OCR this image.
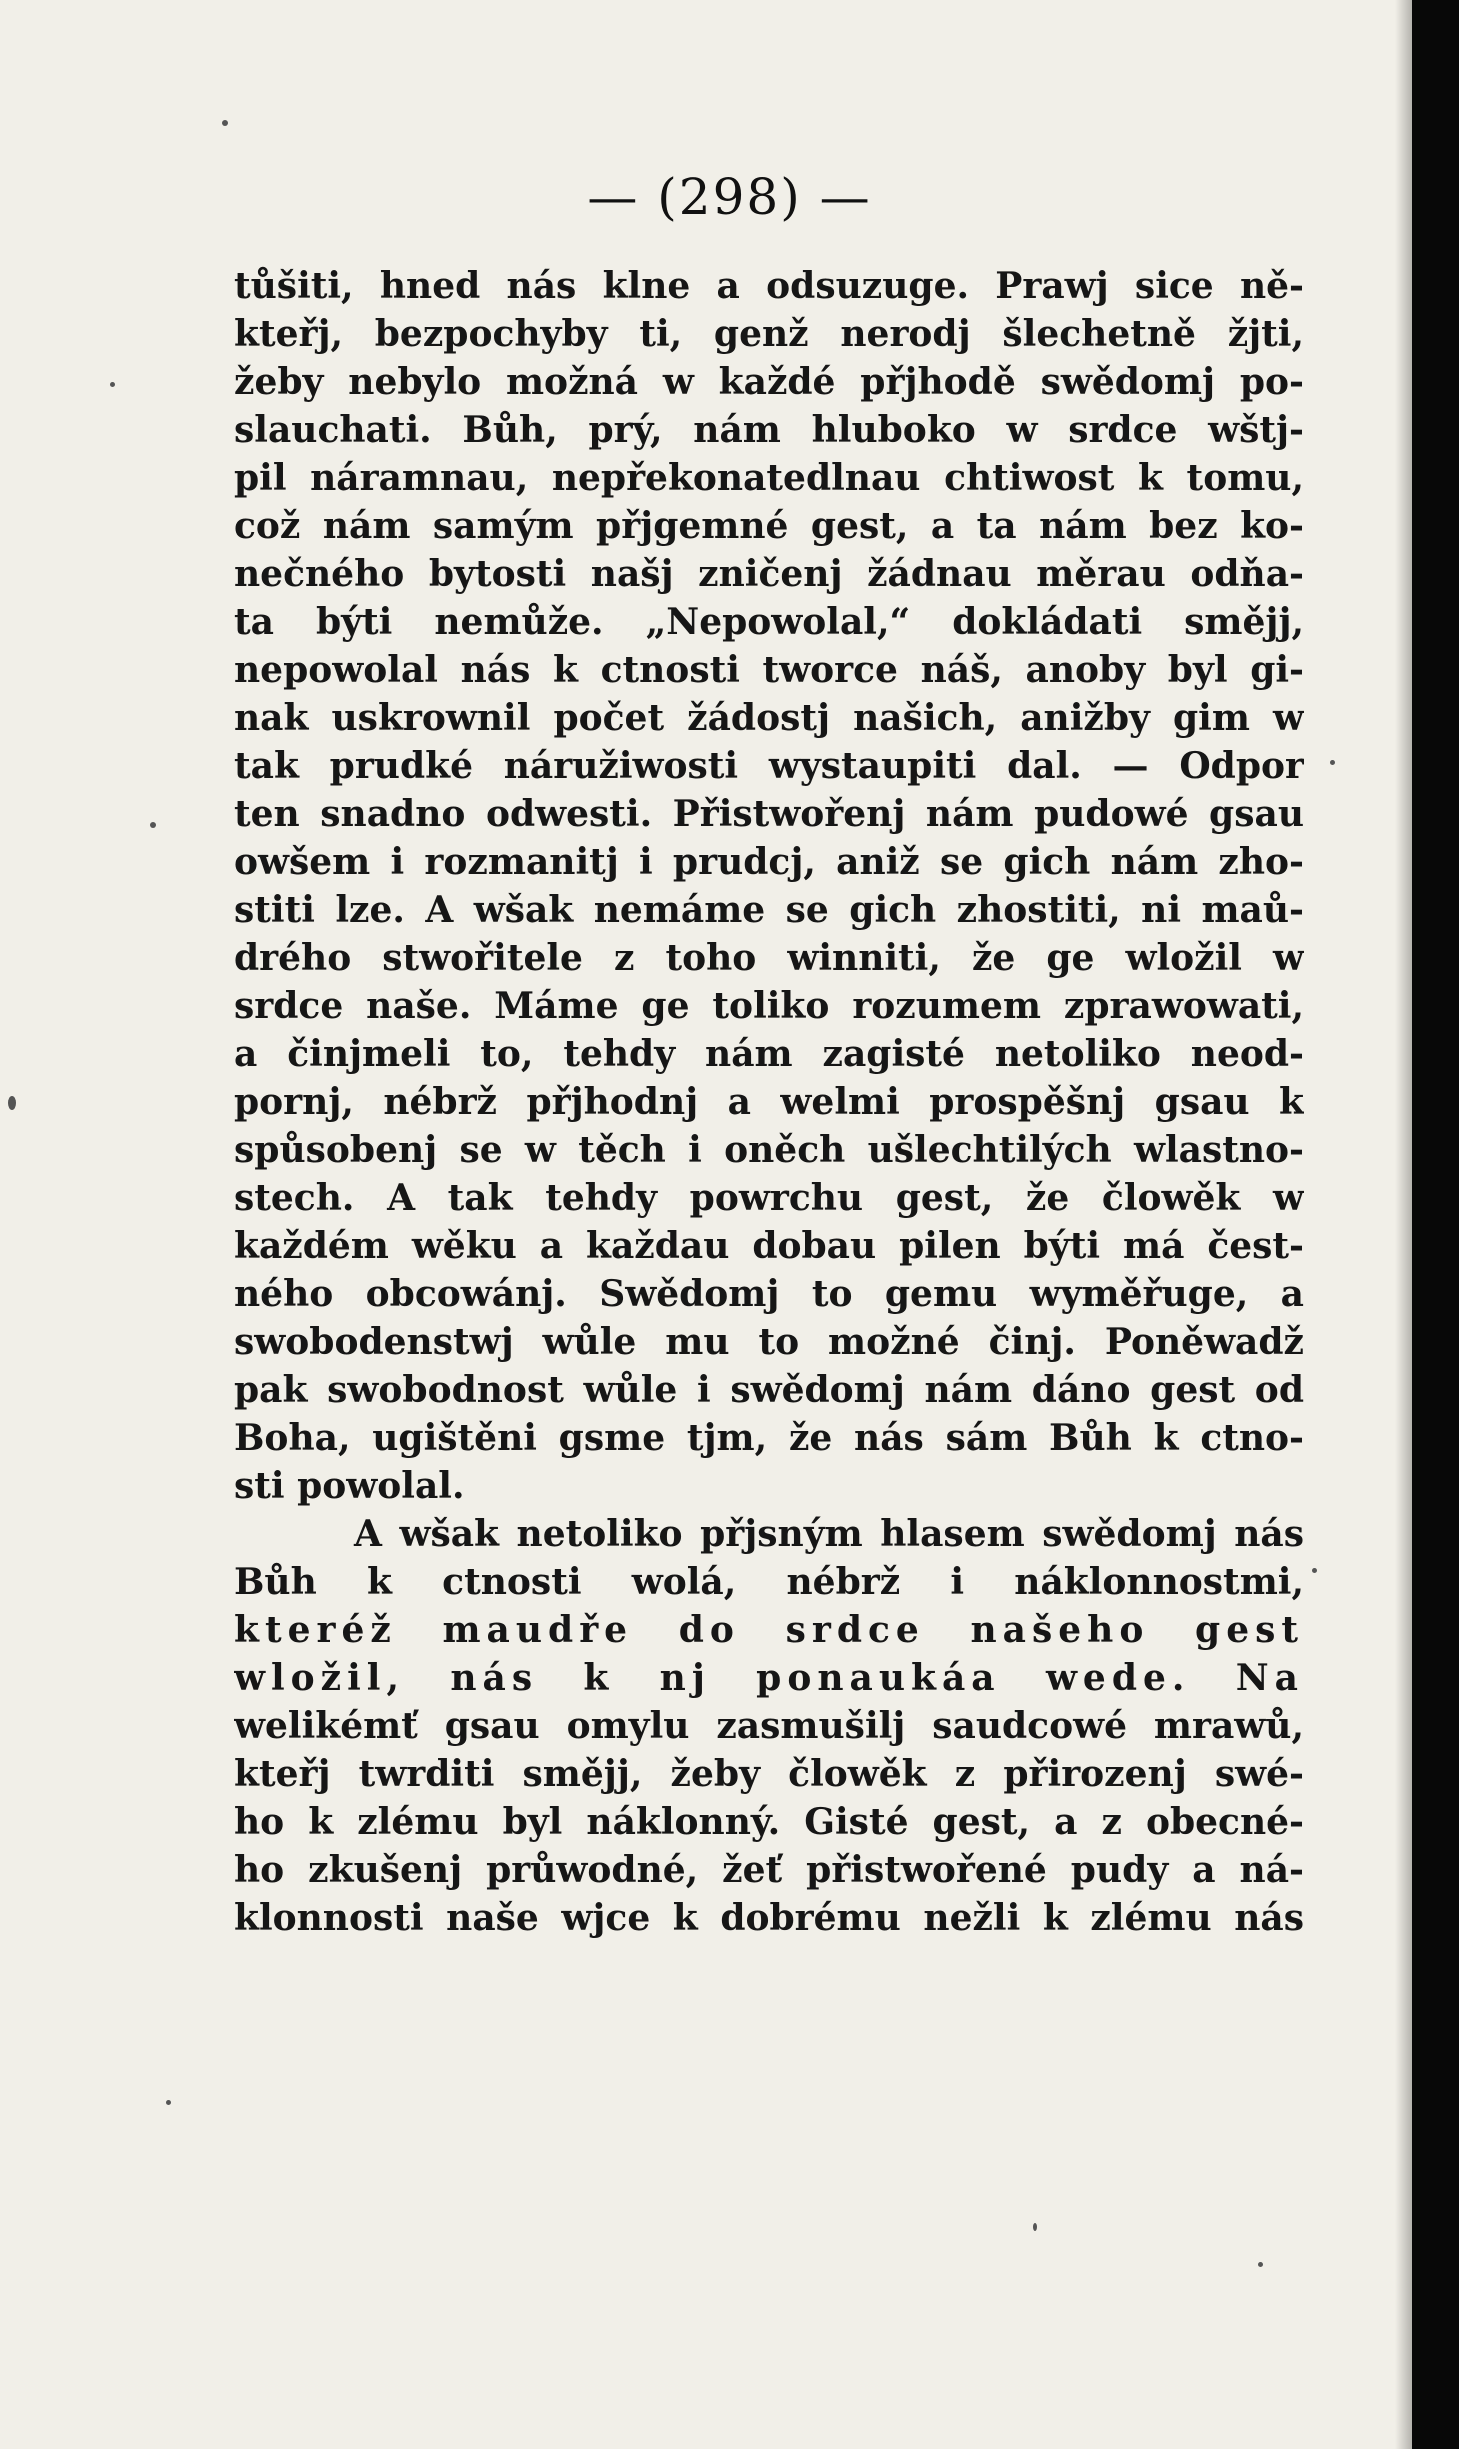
— (298) —
tůšiti, hned nás klne a odsuzuge. Prawj sice ně-
kteřj, bezpochyby ti, genž nerodj šlechetně žjti,
žeby nebylo možná w každé přjhodě swědomj po-
slauchati. Bůh, prý, nám hluboko w srdce wštj-
pil náramnau, nepřekonatedlnau chtiwost k tomu,
což nám samým přjgemné gest, a ta nám bez ko-
nečného bytosti našj zničenj žádnau měrau odňa-
ta býti nemůže. „Nepowolal,“ dokládati smějj,
nepowolal nás k ctnosti tworce náš, anoby byl gi-
nak uskrownil počet žádostj našich, anižby gim w
tak prudké náružiwosti wystaupiti dal. — Odpor
ten snadno odwesti. Přistwořenj nám pudowé gsau
owšem i rozmanitj i prudcj, aniž se gich nám zho-
stiti lze. A wšak nemáme se gich zhostiti, ni maů-
drého stwořitele z toho winniti, že ge wložil w
srdce naše. Máme ge toliko rozumem zprawowati,
a činjmeli to, tehdy nám zagisté netoliko neod-
pornj, nébrž přjhodnj a welmi prospěšnj gsau k
spůsobenj se w těch i oněch ušlechtilých wlastno-
stech. A tak tehdy powrchu gest, že člowěk w
každém wěku a každau dobau pilen býti má čest-
ného obcowánj. Swědomj to gemu wyměřuge, a
swobodenstwj wůle mu to možné činj. Poněwadž
pak swobodnost wůle i swědomj nám dáno gest od
Boha, ugištěni gsme tjm, že nás sám Bůh k ctno-
sti powolal.
A wšak netoliko přjsným hlasem swědomj nás
Bůh k ctnosti wolá, nébrž i náklonnostmi,
kteréž maudře do srdce našeho gest
wložil, nás k nj ponaukáa wede. Na
welikémť gsau omylu zasmušilj saudcowé mrawů,
kteřj twrditi smějj, žeby člowěk z přirozenj swé-
ho k zlému byl náklonný. Gisté gest, a z obecné-
ho zkušenj průwodné, žeť přistwořené pudy a ná-
klonnosti naše wjce k dobrému nežli k zlému nás
